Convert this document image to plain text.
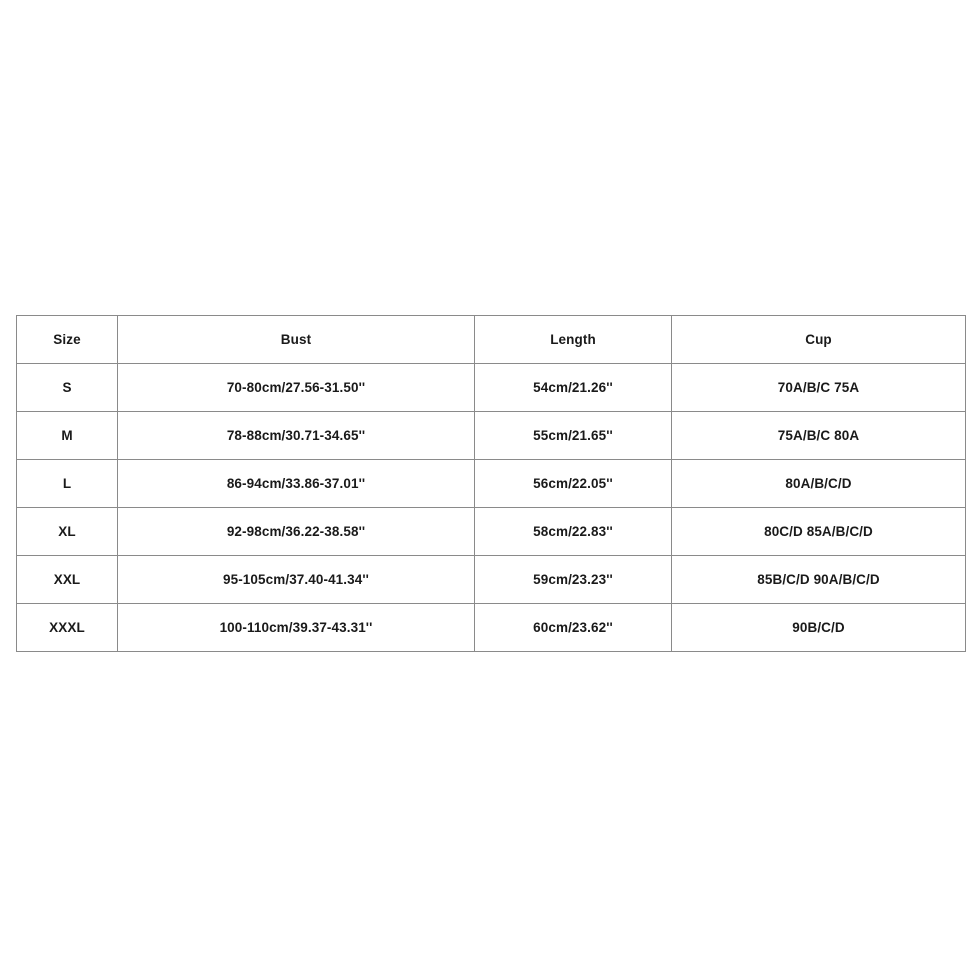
Size	Bust	Length	Cup
S	70-80cm/27.56-31.50''	54cm/21.26''	70A/B/C 75A
M	78-88cm/30.71-34.65''	55cm/21.65''	75A/B/C 80A
L	86-94cm/33.86-37.01''	56cm/22.05''	80A/B/C/D
XL	92-98cm/36.22-38.58''	58cm/22.83''	80C/D 85A/B/C/D
XXL	95-105cm/37.40-41.34''	59cm/23.23''	85B/C/D 90A/B/C/D
XXXL	100-110cm/39.37-43.31''	60cm/23.62''	90B/C/D
